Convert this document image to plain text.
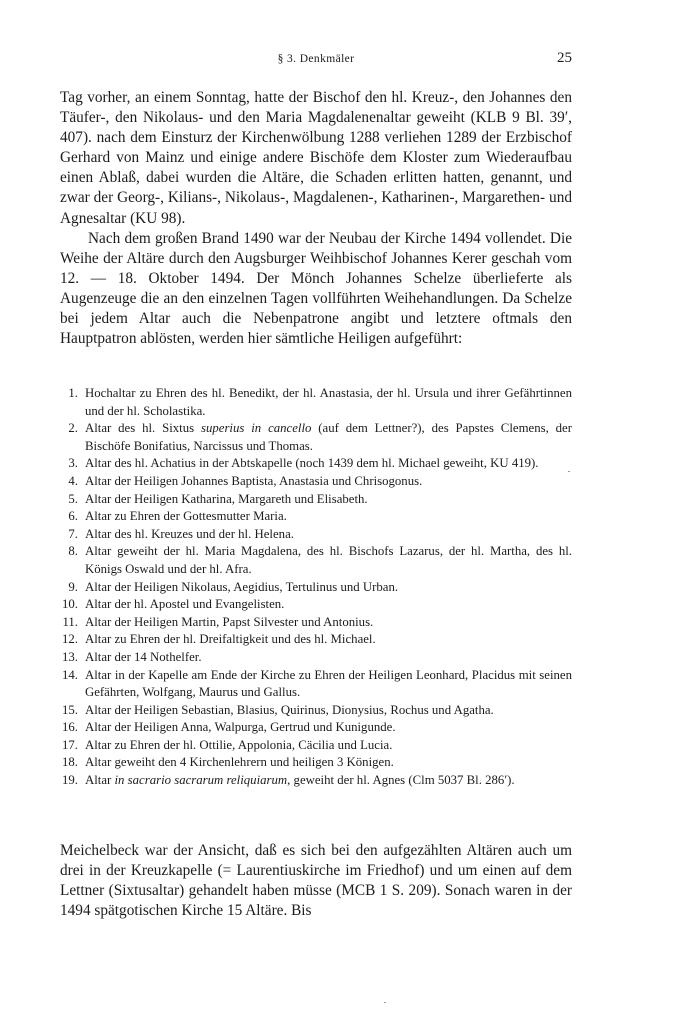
§ 3. Denkmäler	25

Tag vorher, an einem Sonntag, hatte der Bischof den hl. Kreuz-, den Johannes den Täufer-, den Nikolaus- und den Maria Magdalenenaltar geweiht (KLB 9 Bl. 39′, 407). nach dem Einsturz der Kirchenwölbung 1288 verliehen 1289 der Erzbischof Gerhard von Mainz und einige andere Bischöfe dem Kloster zum Wiederaufbau einen Ablaß, dabei wurden die Altäre, die Schaden erlitten hatten, genannt, und zwar der Georg-, Kilians-, Nikolaus-, Magdalenen-, Katharinen-, Margarethen- und Agnesaltar (KU 98).

Nach dem großen Brand 1490 war der Neubau der Kirche 1494 vollendet. Die Weihe der Altäre durch den Augsburger Weihbischof Johannes Kerer geschah vom 12. — 18. Oktober 1494. Der Mönch Johannes Schelze überlieferte als Augenzeuge die an den einzelnen Tagen vollführten Weihehandlungen. Da Schelze bei jedem Altar auch die Nebenpatrone angibt und letztere oftmals den Hauptpatron ablösten, werden hier sämtliche Heiligen aufgeführt:

1. Hochaltar zu Ehren des hl. Benedikt, der hl. Anastasia, der hl. Ursula und ihrer Gefährtinnen und der hl. Scholastika.
2. Altar des hl. Sixtus superius in cancello (auf dem Lettner?), des Papstes Clemens, der Bischöfe Bonifatius, Narcissus und Thomas.
3. Altar des hl. Achatius in der Abtskapelle (noch 1439 dem hl. Michael geweiht, KU 419).
4. Altar der Heiligen Johannes Baptista, Anastasia und Chrisogonus.
5. Altar der Heiligen Katharina, Margareth und Elisabeth.
6. Altar zu Ehren der Gottesmutter Maria.
7. Altar des hl. Kreuzes und der hl. Helena.
8. Altar geweiht der hl. Maria Magdalena, des hl. Bischofs Lazarus, der hl. Martha, des hl. Königs Oswald und der hl. Afra.
9. Altar der Heiligen Nikolaus, Aegidius, Tertulinus und Urban.
10. Altar der hl. Apostel und Evangelisten.
11. Altar der Heiligen Martin, Papst Silvester und Antonius.
12. Altar zu Ehren der hl. Dreifaltigkeit und des hl. Michael.
13. Altar der 14 Nothelfer.
14. Altar in der Kapelle am Ende der Kirche zu Ehren der Heiligen Leonhard, Placidus mit seinen Gefährten, Wolfgang, Maurus und Gallus.
15. Altar der Heiligen Sebastian, Blasius, Quirinus, Dionysius, Rochus und Agatha.
16. Altar der Heiligen Anna, Walpurga, Gertrud und Kunigunde.
17. Altar zu Ehren der hl. Ottilie, Appolonia, Cäcilia und Lucia.
18. Altar geweiht den 4 Kirchenlehrern und heiligen 3 Königen.
19. Altar in sacrario sacrarum reliquiarum, geweiht der hl. Agnes (Clm 5037 Bl. 286′).

Meichelbeck war der Ansicht, daß es sich bei den aufgezählten Altären auch um drei in der Kreuzkapelle (= Laurentiuskirche im Friedhof) und um einen auf dem Lettner (Sixtusaltar) gehandelt haben müsse (MCB 1 S. 209). Sonach waren in der 1494 spätgotischen Kirche 15 Altäre. Bis
